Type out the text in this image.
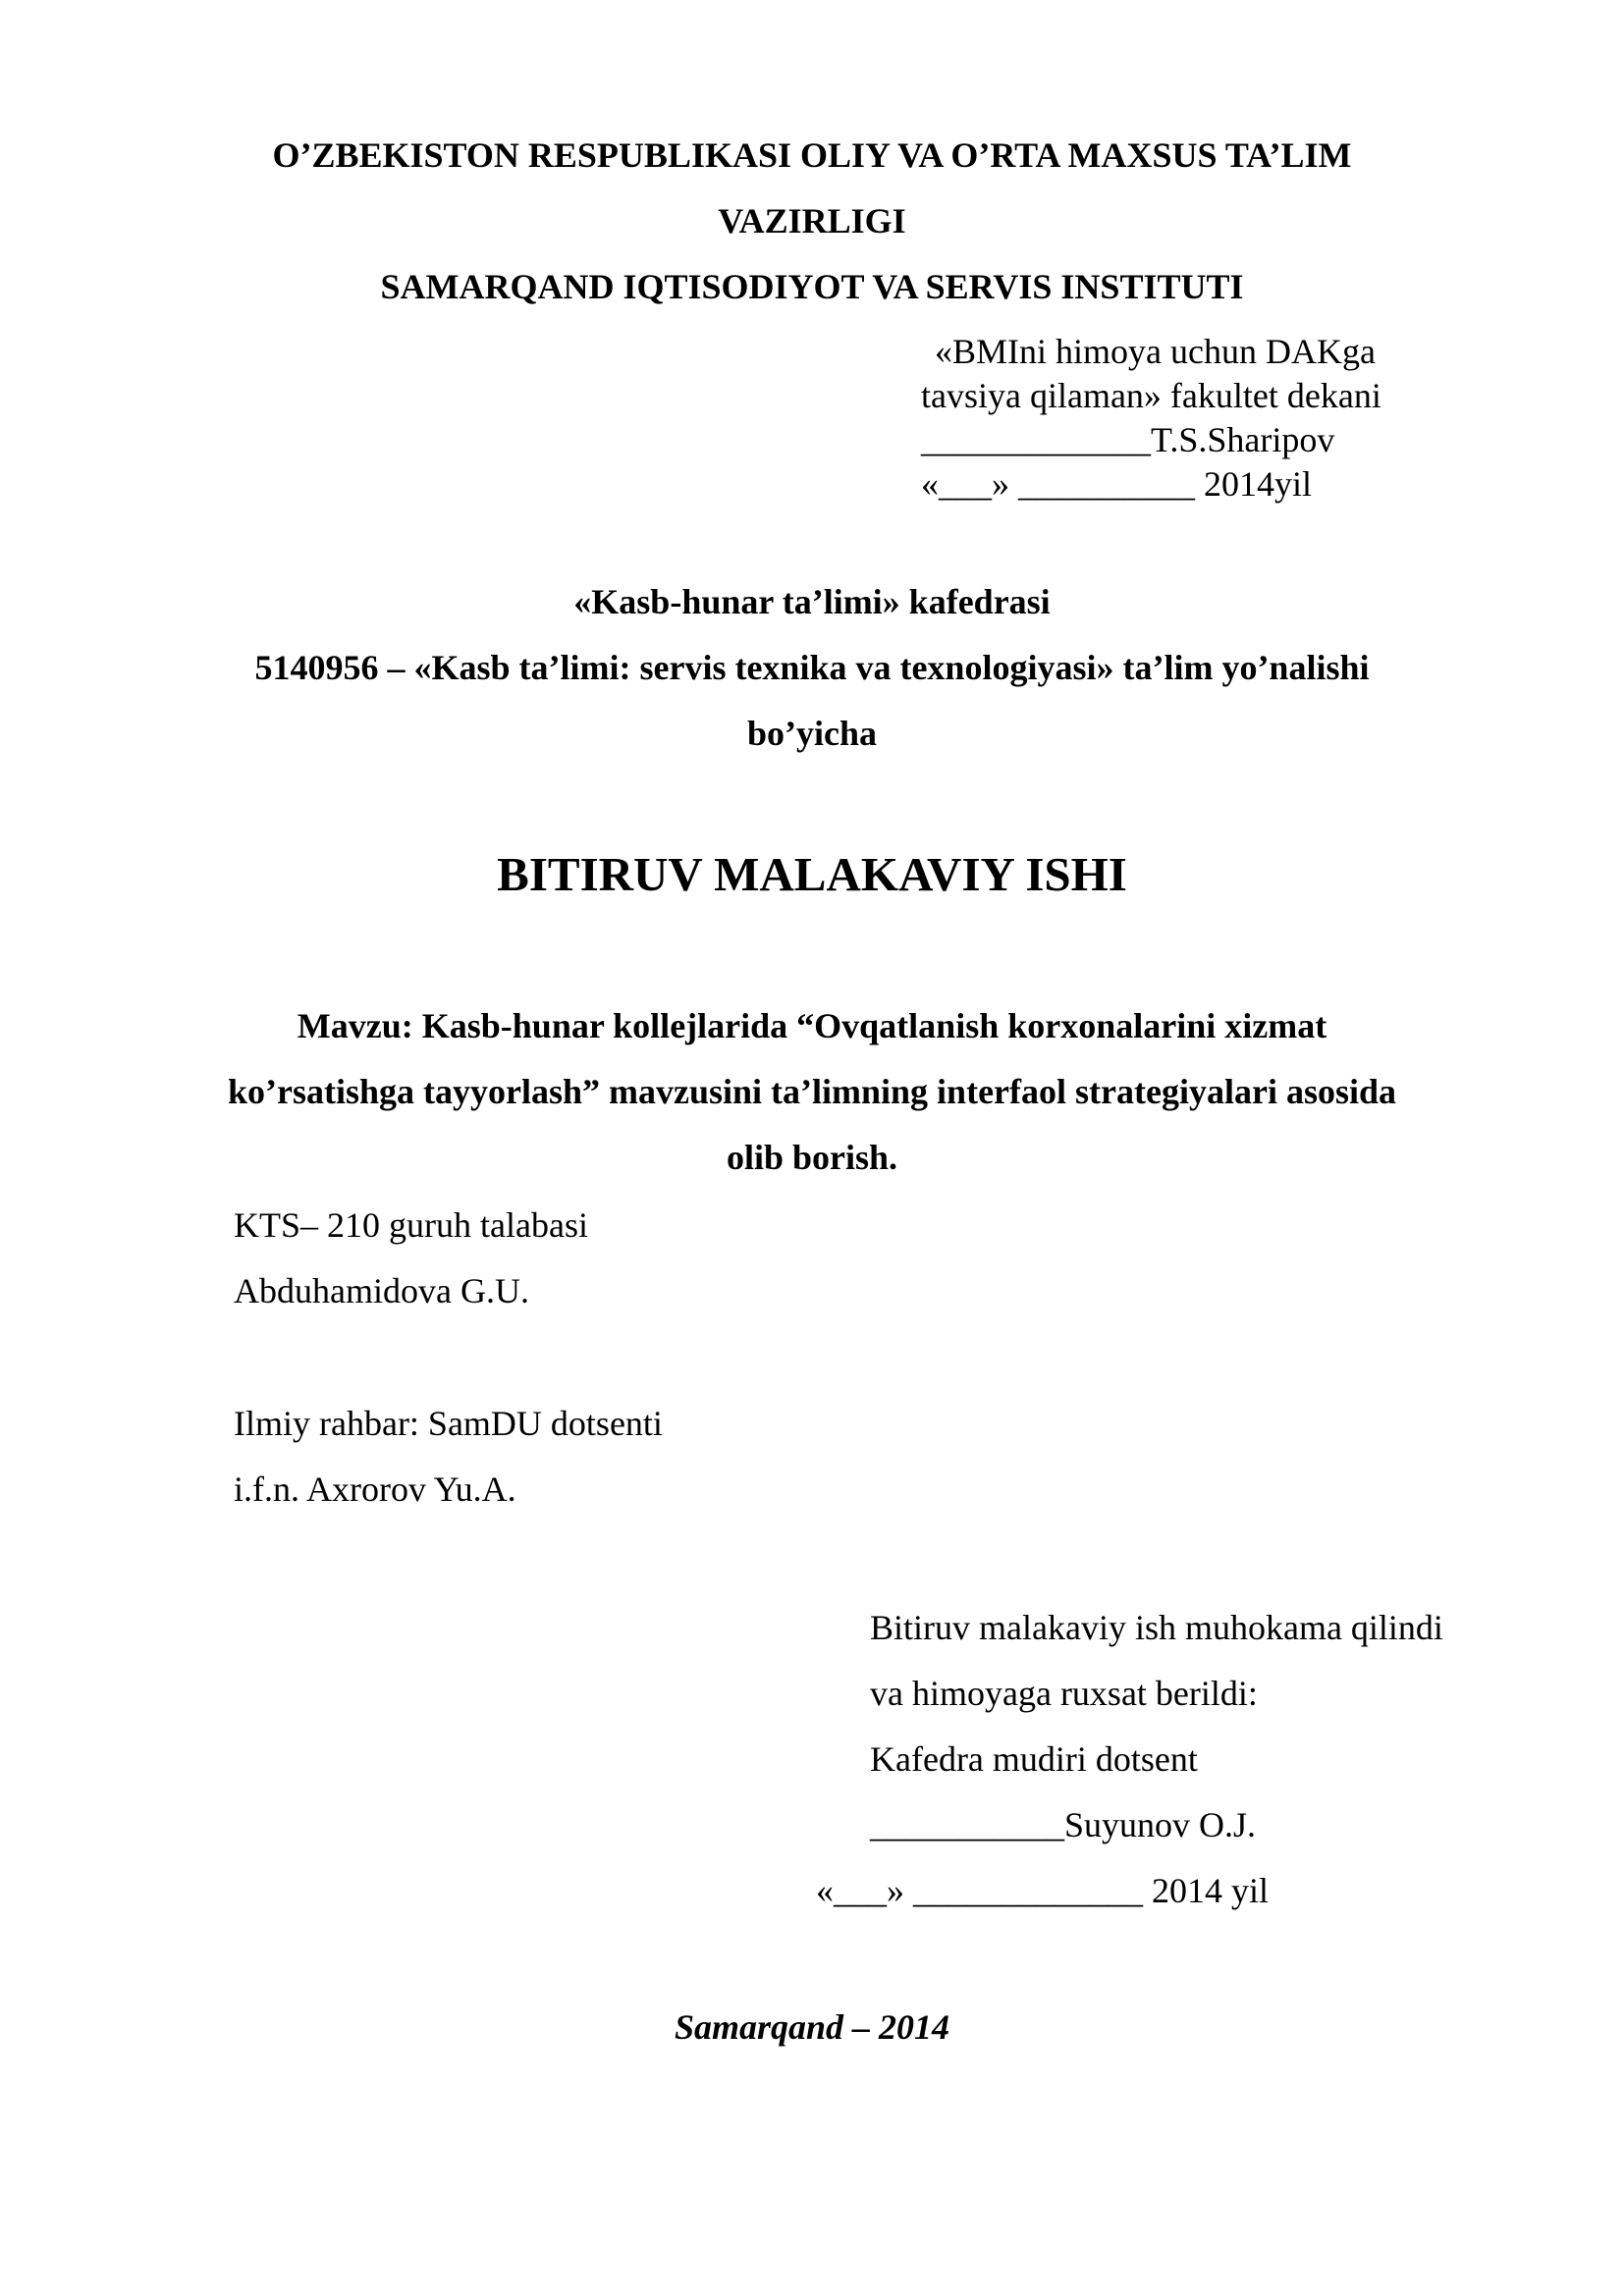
O’ZBEKISTON RESPUBLIKASI OLIY VA O’RTA MAXSUS TA’LIM
VAZIRLIGI
SAMARQAND IQTISODIYOT VA SERVIS INSTITUTI
«BMIni himoya uchun DAKga
tavsiya qilaman» fakultet dekani
_____________T.S.Sharipov
«___» __________ 2014yil
«Kasb-hunar ta’limi» kafedrasi
5140956 – «Kasb ta’limi: servis texnika va texnologiyasi» ta’lim yo’nalishi
bo’yicha
BITIRUV MALAKAVIY ISHI
Mavzu: Kasb-hunar kollejlarida “Ovqatlanish korxonalarini xizmat
ko’rsatishga tayyorlash” mavzusini ta’limning interfaol strategiyalari asosida
olib borish.
KTS– 210 guruh talabasi
Abduhamidova G.U.
Ilmiy rahbar: SamDU dotsenti
i.f.n. Axrorov Yu.A.
Bitiruv malakaviy ish muhokama qilindi
va himoyaga ruxsat berildi:
Kafedra mudiri dotsent
___________Suyunov O.J.
«___» _____________ 2014 yil
Samarqand – 2014
